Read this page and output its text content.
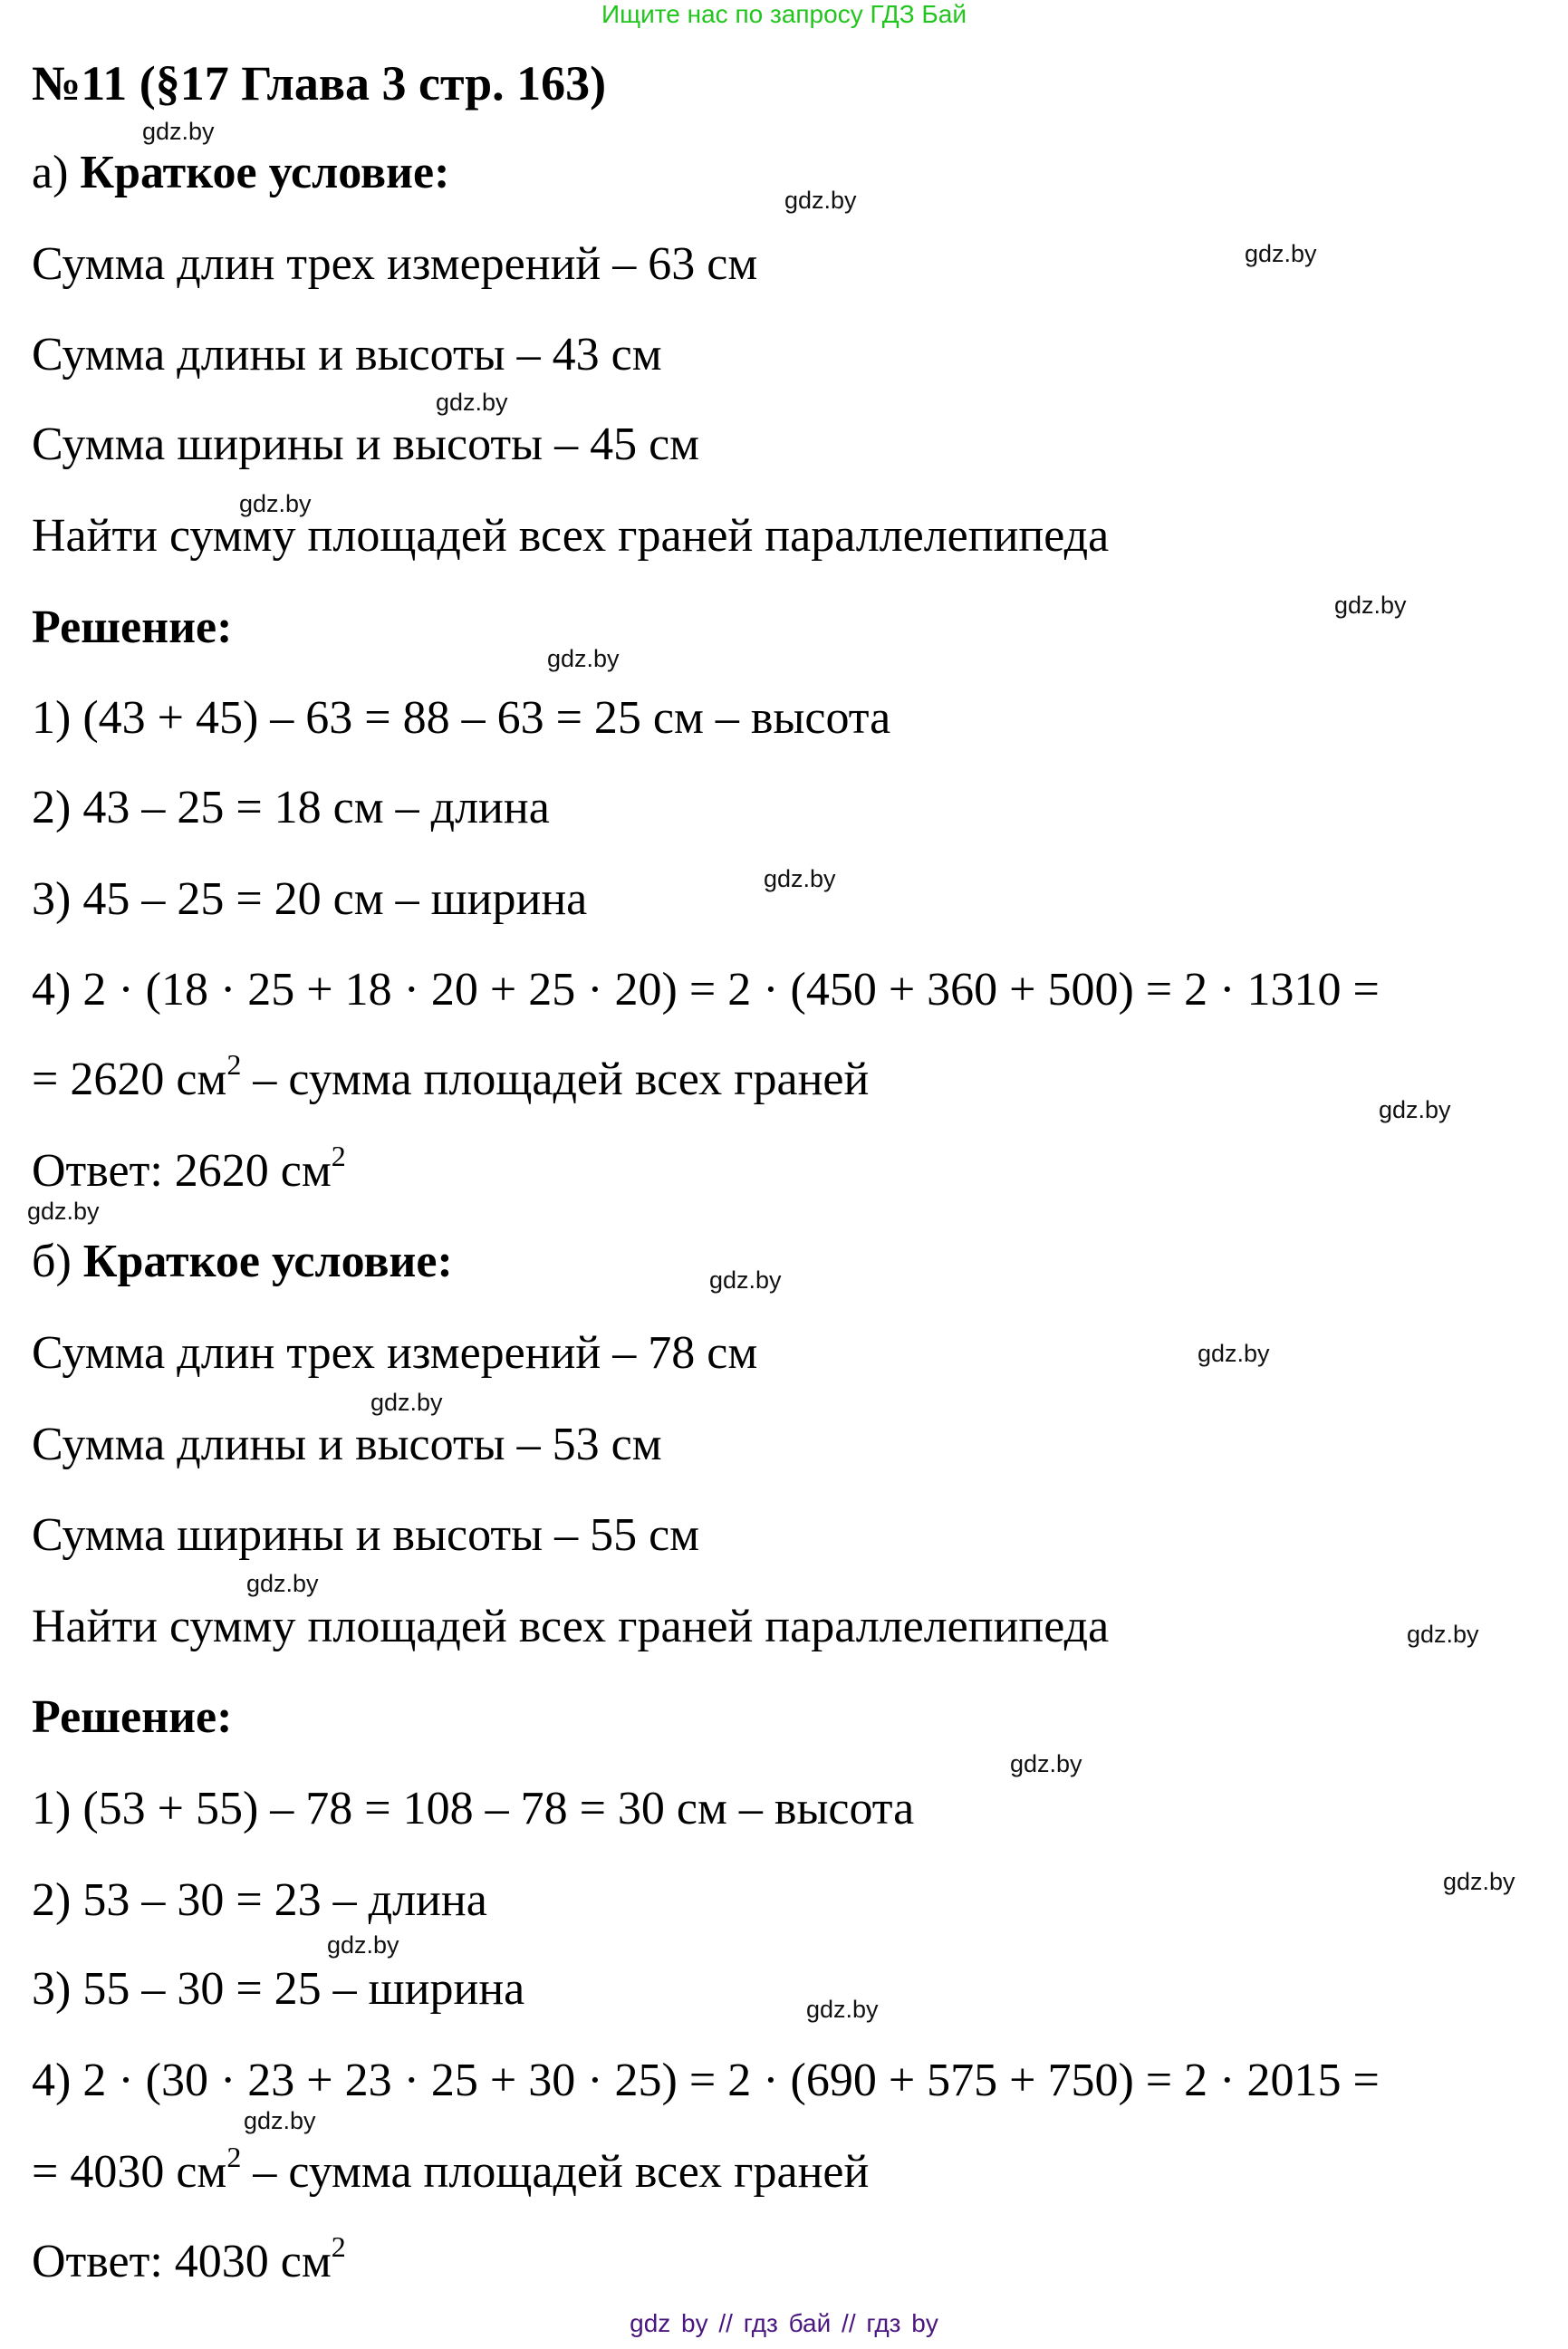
Ищите нас по запросу ГДЗ Бай
№11 (§17 Глава 3 стр. 163)
а) Краткое условие:
Сумма длин трех измерений – 63 см
Сумма длины и высоты – 43 см
Сумма ширины и высоты – 45 см
Найти сумму площадей всех граней параллелепипеда
Решение:
1) (43 + 45) – 63 = 88 – 63 = 25 см – высота
2) 43 – 25 = 18 см – длина
3) 45 – 25 = 20 см – ширина
4) 2 · (18 · 25 + 18 · 20 + 25 · 20) = 2 · (450 + 360 + 500) = 2 · 1310 =
= 2620 $см^2$ – сумма площадей всех граней
Ответ: 2620 $см^2$
б) Краткое условие:
Сумма длин трех измерений – 78 см
Сумма длины и высоты – 53 см
Сумма ширины и высоты – 55 см
Найти сумму площадей всех граней параллелепипеда
Решение:
1) (53 + 55) – 78 = 108 – 78 = 30 см – высота
2) 53 – 30 = 23 – длина
3) 55 – 30 = 25 – ширина
4) 2 · (30 · 23 + 23 · 25 + 30 · 25) = 2 · (690 + 575 + 750) = 2 · 2015 =
= 4030 $см^2$ – сумма площадей всех граней
Ответ: 4030 $см^2$
gdz.by
gdz.by
gdz.by
gdz.by
gdz.by
gdz.by
gdz.by
gdz.by
gdz.by
gdz.by
gdz.by
gdz.by
gdz.by
gdz.by
gdz.by
gdz.by
gdz.by
gdz.by
gdz.by
gdz.by
gdz by // гдз бай // гдз by
